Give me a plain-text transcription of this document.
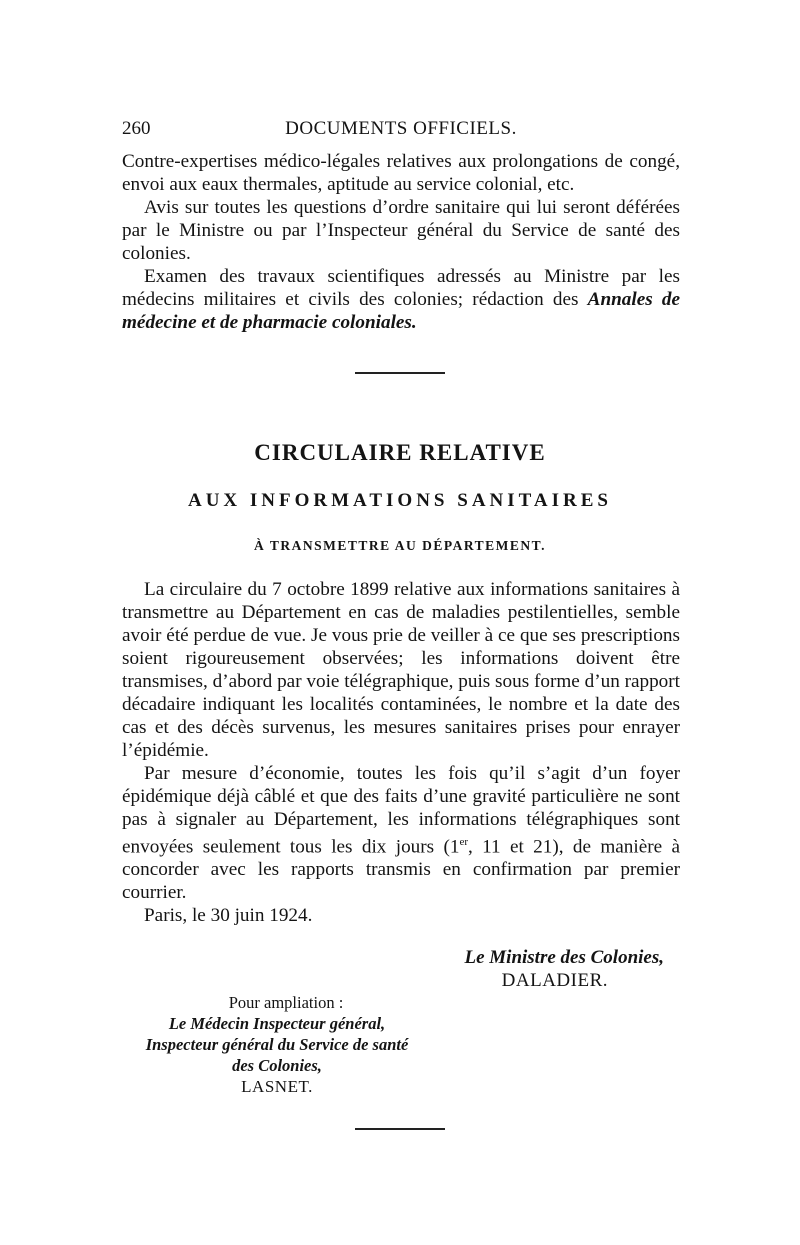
260	DOCUMENTS OFFICIELS.

Contre-expertises médico-légales relatives aux prolongations de congé, envoi aux eaux thermales, aptitude au service colonial, etc.

Avis sur toutes les questions d’ordre sanitaire qui lui seront déférées par le Ministre ou par l’Inspecteur général du Service de santé des colonies.

Examen des travaux scientifiques adressés au Ministre par les médecins militaires et civils des colonies; rédaction des Annales de médecine et de pharmacie coloniales.

CIRCULAIRE RELATIVE
AUX INFORMATIONS SANITAIRES
À TRANSMETTRE AU DÉPARTEMENT.

La circulaire du 7 octobre 1899 relative aux informations sanitaires à transmettre au Département en cas de maladies pestilentielles, semble avoir été perdue de vue. Je vous prie de veiller à ce que ses prescriptions soient rigoureusement observées; les informations doivent être transmises, d’abord par voie télégraphique, puis sous forme d’un rapport décadaire indiquant les localités contaminées, le nombre et la date des cas et des décès survenus, les mesures sanitaires prises pour enrayer l’épidémie.

Par mesure d’économie, toutes les fois qu’il s’agit d’un foyer épidémique déjà câblé et que des faits d’une gravité particulière ne sont pas à signaler au Département, les informations télégraphiques sont envoyées seulement tous les dix jours (1er, 11 et 21), de manière à concorder avec les rapports transmis en confirmation par premier courrier.

Paris, le 30 juin 1924.

Le Ministre des Colonies,
DALADIER.
Pour ampliation :
Le Médecin Inspecteur général,
Inspecteur général du Service de santé
des Colonies,
LASNET.
